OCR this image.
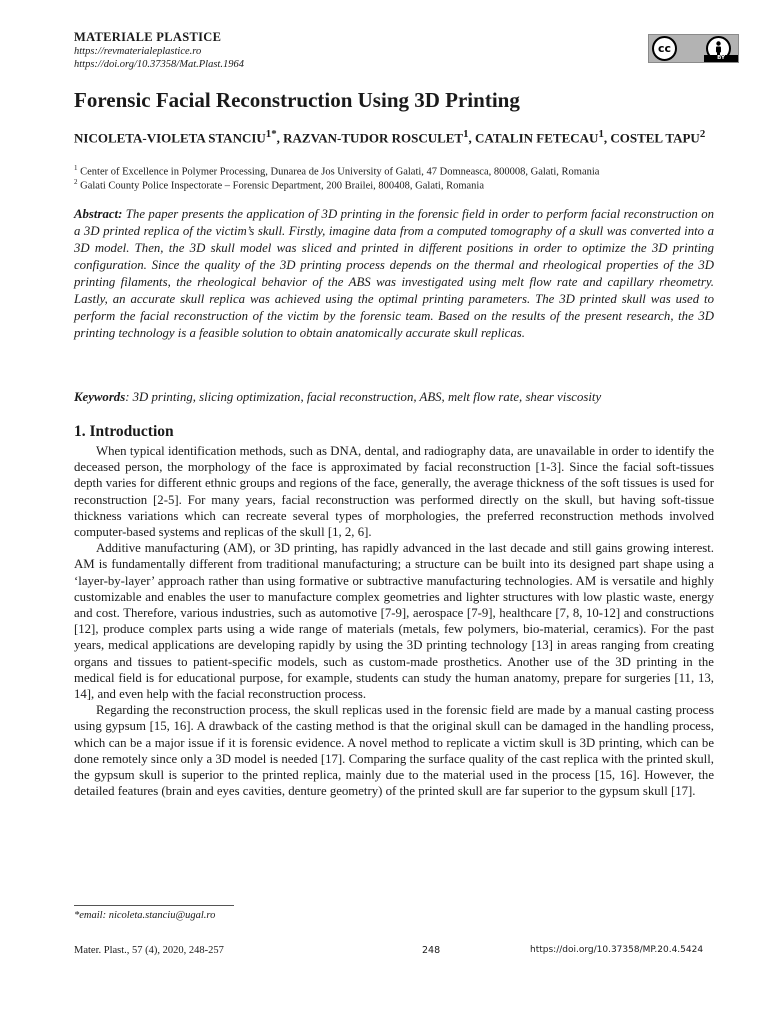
MATERIALE PLASTICE
https://revmaterialeplastice.ro
https://doi.org/10.37358/Mat.Plast.1964
cc
BY
Forensic Facial Reconstruction Using 3D Printing
NICOLETA-VIOLETA $STANCIU^{1*}$, RAZVAN-TUDOR ROSCULET$^1$, CATALIN FETECAU$^1$, COSTEL TAPU$^2$
$^1$ Center of Excellence in Polymer Processing, Dunarea de Jos University of Galati, 47 Domneasca, 800008, Galati, Romania
$^2$ Galati County Police Inspectorate – Forensic Department, 200 Brailei, 800408, Galati, Romania
Abstract: The paper presents the application of 3D printing in the forensic field in order to perform facial reconstruction on a 3D printed replica of the victim’s skull. Firstly, imagine data from a computed tomography of a skull was converted into a 3D model. Then, the 3D skull model was sliced and printed in different positions in order to optimize the 3D printing configuration. Since the quality of the 3D printing process depends on the thermal and rheological properties of the 3D printing filaments, the rheological behavior of the ABS was investigated using melt flow rate and capillary rheometry. Lastly, an accurate skull replica was achieved using the optimal printing parameters. The 3D printed skull was used to perform the facial reconstruction of the victim by the forensic team. Based on the results of the present research, the 3D printing technology is a feasible solution to obtain anatomically accurate skull replicas.
Keywords: 3D printing, slicing optimization, facial reconstruction, ABS, melt flow rate, shear viscosity
1. Introduction

When typical identification methods, such as DNA, dental, and radiography data, are unavailable in order to identify the deceased person, the morphology of the face is approximated by facial reconstruction [1-3]. Since the facial soft-tissues depth varies for different ethnic groups and regions of the face, generally, the average thickness of the soft tissues is used for reconstruction [2-5]. For many years, facial reconstruction was performed directly on the skull, but having soft-tissue thickness variations which can recreate several types of morphologies, the preferred reconstruction methods involved computer-based systems and replicas of the skull [1, 2, 6].

Additive manufacturing (AM), or 3D printing, has rapidly advanced in the last decade and still gains growing interest. AM is fundamentally different from traditional manufacturing; a structure can be built into its designed part shape using a ‘layer-by-layer’ approach rather than using formative or subtractive manufacturing technologies. AM is versatile and highly customizable and enables the user to manufacture complex geometries and lighter structures with low plastic waste, energy and cost. Therefore, various industries, such as automotive [7-9], aerospace [7-9], healthcare [7, 8, 10-12] and constructions [12], produce complex parts using a wide range of materials (metals, few polymers, bio-material, ceramics). For the past years, medical applications are developing rapidly by using the 3D printing technology [13] in areas ranging from creating organs and tissues to patient-specific models, such as custom-made prosthetics. Another use of the 3D printing in the medical field is for educational purpose, for example, students can study the human anatomy, prepare for surgeries [11, 13, 14], and even help with the facial reconstruction process.

Regarding the reconstruction process, the skull replicas used in the forensic field are made by a manual casting process using gypsum [15, 16]. A drawback of the casting method is that the original skull can be damaged in the handling process, which can be a major issue if it is forensic evidence. A novel method to replicate a victim skull is 3D printing, which can be done remotely since only a 3D model is needed [17]. Comparing the surface quality of the cast replica with the printed skull, the gypsum skull is superior to the printed replica, mainly due to the material used in the process [15, 16]. However, the detailed features (brain and eyes cavities, denture geometry) of the printed skull are far superior to the gypsum skull [17].

*email: nicoleta.stanciu@ugal.ro
Mater. Plast., 57 (4), 2020, 248-257	248	https://doi.org/10.37358/MP.20.4.5424
